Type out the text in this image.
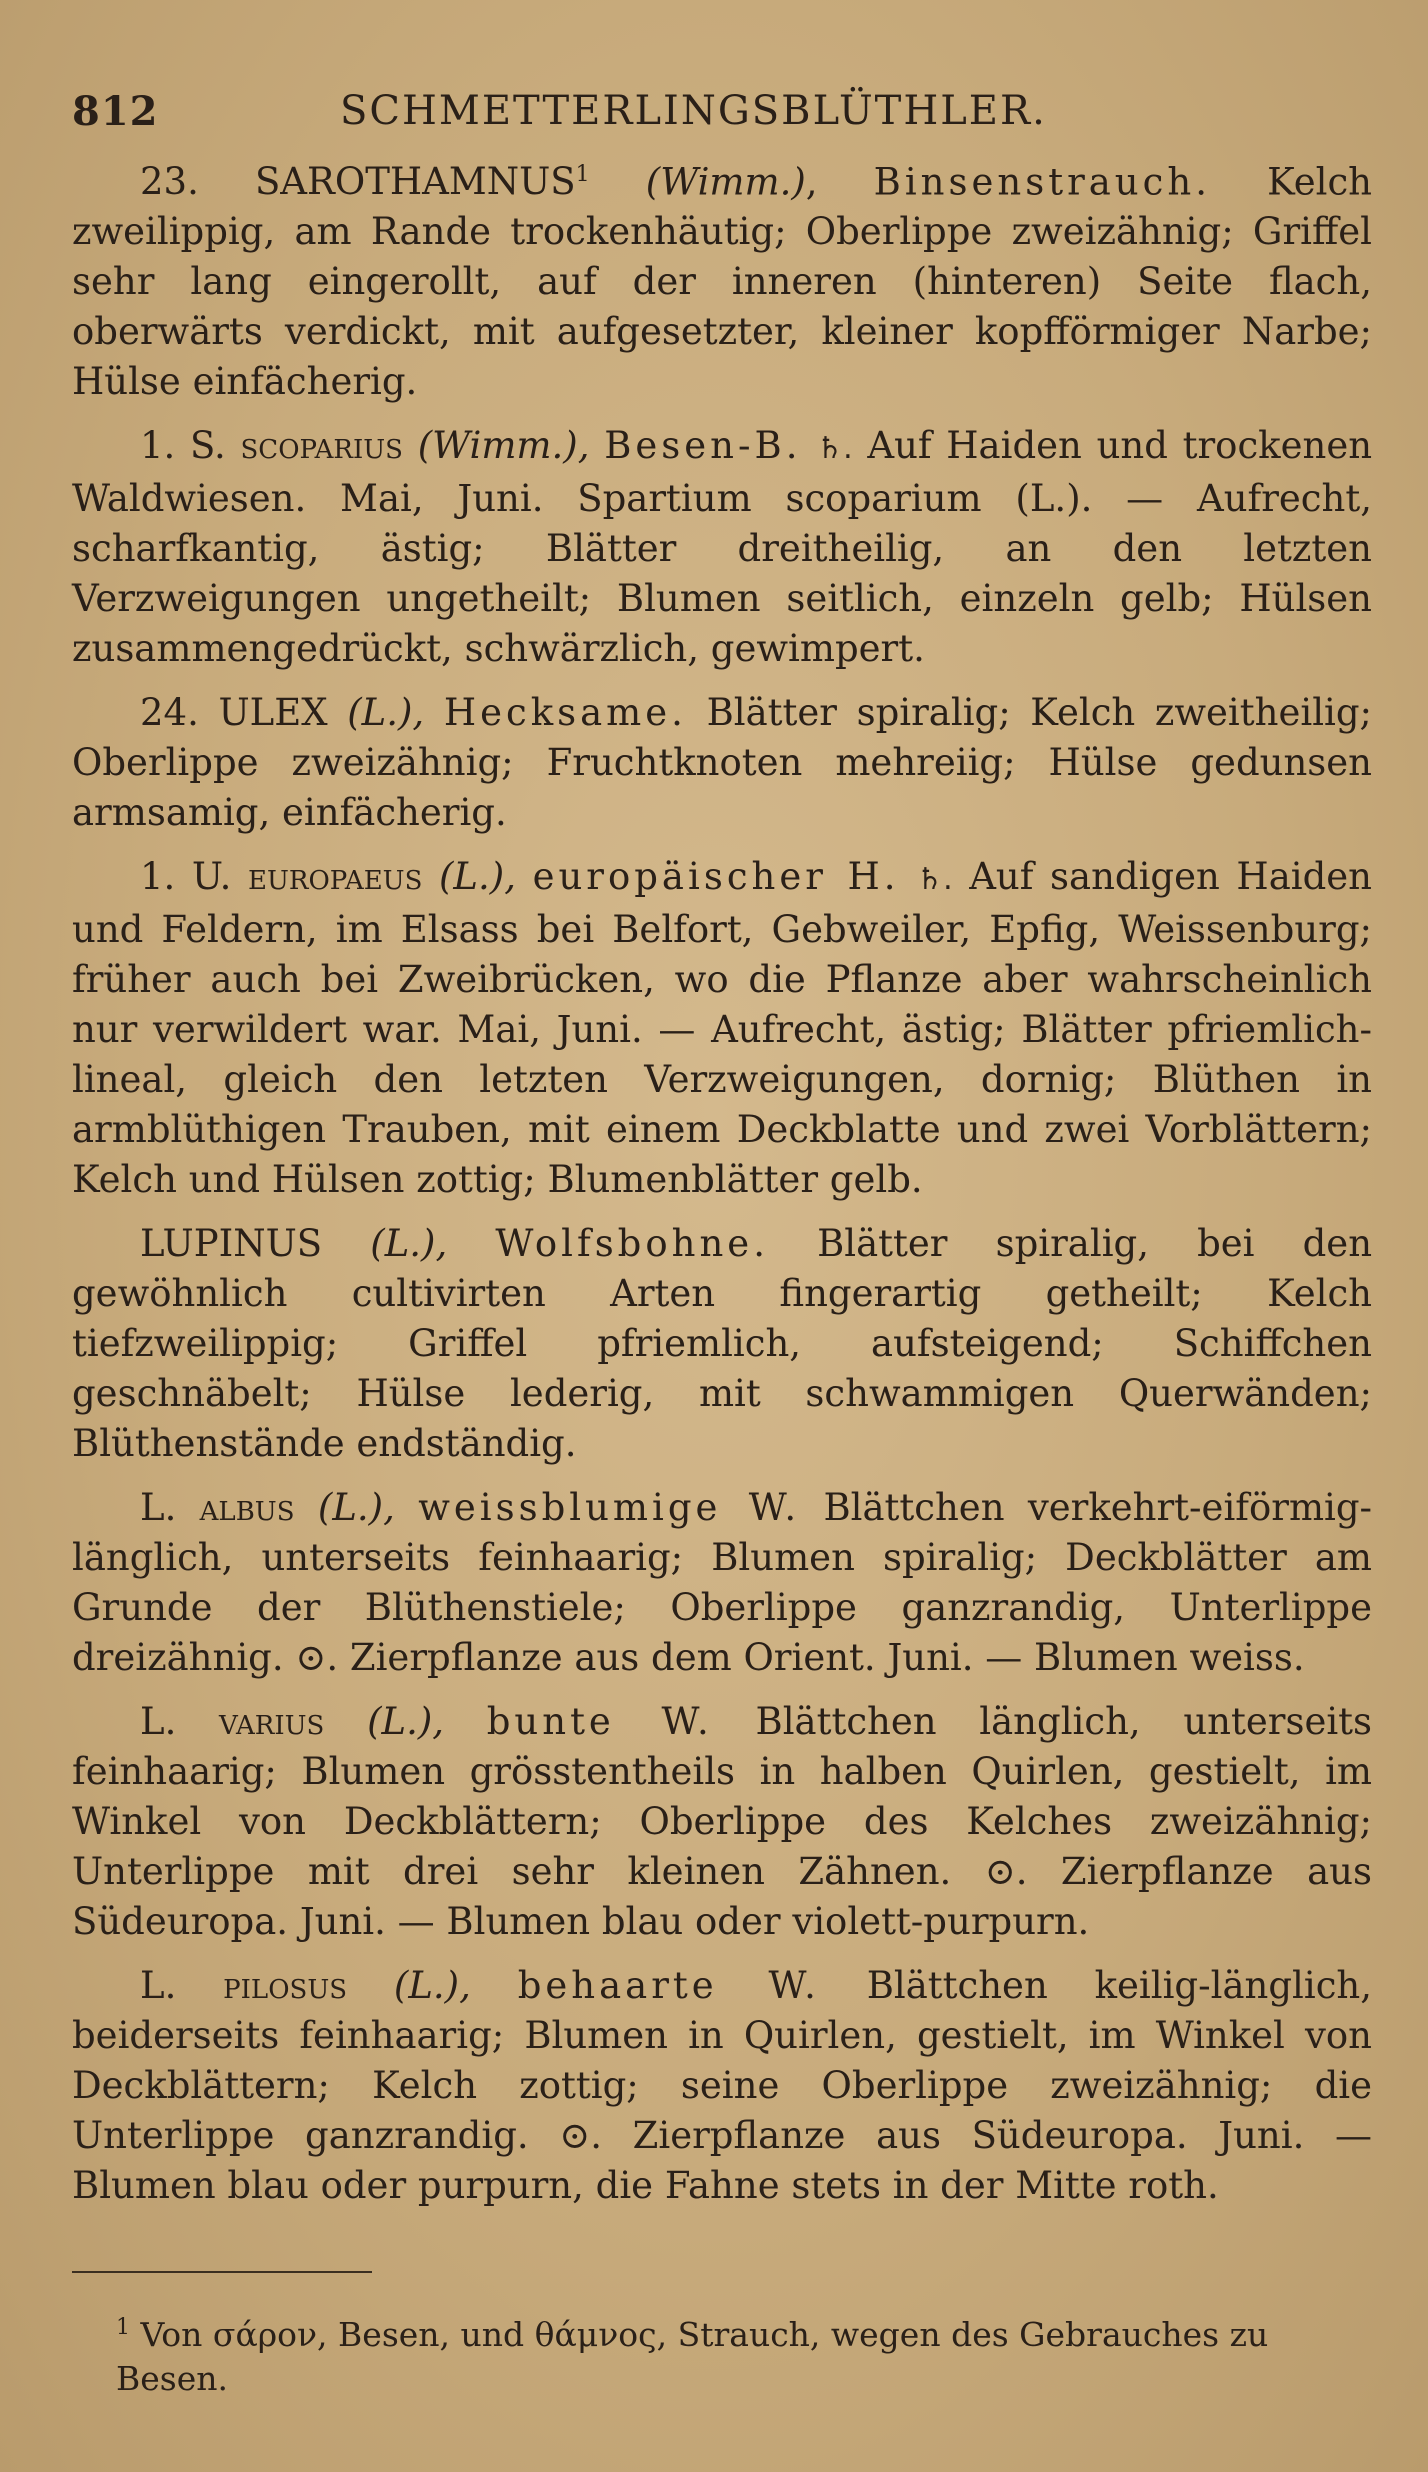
812	SCHMETTERLINGSBLÜTHLER.

23. SAROTHAMNUS$^1$ (Wimm.), Binsenstrauch. Kelch zweilippig, am Rande trockenhäutig; Oberlippe zweizähnig; Griffel sehr lang eingerollt, auf der inneren (hinteren) Seite flach, oberwärts verdickt, mit aufgesetzter, kleiner kopfförmiger Narbe; Hülse einfächerig.

1. S. scoparius (Wimm.), Besen-B. ♄. Auf Haiden und trockenen Waldwiesen. Mai, Juni. Spartium scoparium (L.). — Aufrecht, scharfkantig, ästig; Blätter dreitheilig, an den letzten Verzweigungen ungetheilt; Blumen seitlich, einzeln gelb; Hülsen zusammengedrückt, schwärzlich, gewimpert.

24. ULEX (L.), Hecksame. Blätter spiralig; Kelch zweitheilig; Oberlippe zweizähnig; Fruchtknoten mehreiig; Hülse gedunsen armsamig, einfächerig.

1. U. europaeus (L.), europäischer H. ♄. Auf sandigen Haiden und Feldern, im Elsass bei Belfort, Gebweiler, Epfig, Weissenburg; früher auch bei Zweibrücken, wo die Pflanze aber wahrscheinlich nur verwildert war. Mai, Juni. — Aufrecht, ästig; Blätter pfriemlich-lineal, gleich den letzten Verzweigungen, dornig; Blüthen in armblüthigen Trauben, mit einem Deckblatte und zwei Vorblättern; Kelch und Hülsen zottig; Blumenblätter gelb.

LUPINUS (L.), Wolfsbohne. Blätter spiralig, bei den gewöhnlich cultivirten Arten fingerartig getheilt; Kelch tiefzweilippig; Griffel pfriemlich, aufsteigend; Schiffchen geschnäbelt; Hülse lederig, mit schwammigen Querwänden; Blüthenstände endständig.

L. albus (L.), weissblumige W. Blättchen verkehrt-eiförmig-länglich, unterseits feinhaarig; Blumen spiralig; Deckblätter am Grunde der Blüthenstiele; Oberlippe ganzrandig, Unterlippe dreizähnig. ⊙. Zierpflanze aus dem Orient. Juni. — Blumen weiss.

L. varius (L.), bunte W. Blättchen länglich, unterseits feinhaarig; Blumen grösstentheils in halben Quirlen, gestielt, im Winkel von Deckblättern; Oberlippe des Kelches zweizähnig; Unterlippe mit drei sehr kleinen Zähnen. ⊙. Zierpflanze aus Südeuropa. Juni. — Blumen blau oder violett-purpurn.

L. pilosus (L.), behaarte W. Blättchen keilig-länglich, beiderseits feinhaarig; Blumen in Quirlen, gestielt, im Winkel von Deckblättern; Kelch zottig; seine Oberlippe zweizähnig; die Unterlippe ganzrandig. ⊙. Zierpflanze aus Südeuropa. Juni. — Blumen blau oder purpurn, die Fahne stets in der Mitte roth.

$^1$ Von σάρον, Besen, und θάμνος, Strauch, wegen des Gebrauches zu Besen.
